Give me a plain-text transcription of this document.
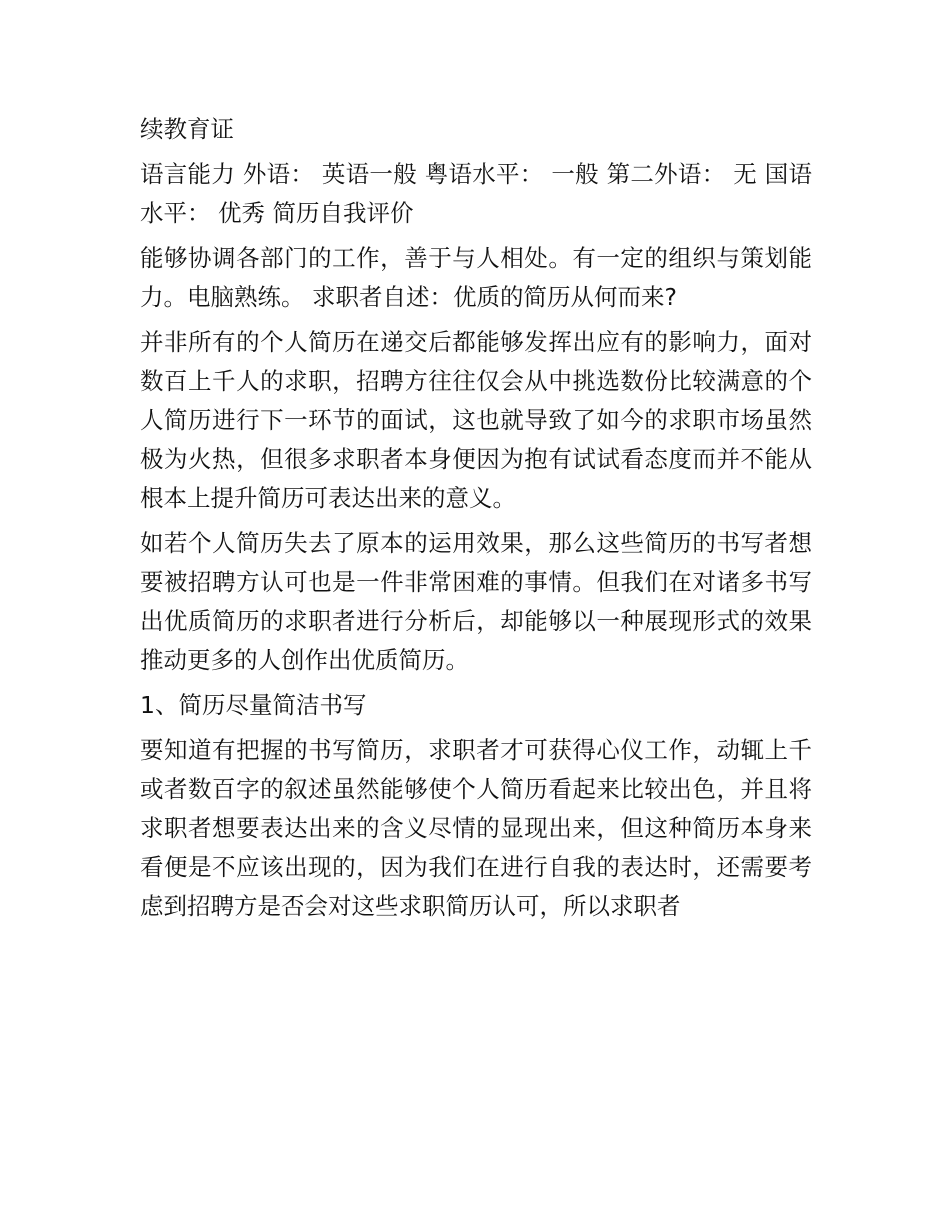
续教育证

语言能力 外语： 英语一般 粤语水平： 一般 第二外语： 无 国语水平： 优秀 简历自我评价

能够协调各部门的工作，善于与人相处。有一定的组织与策划能力。电脑熟练。 求职者自述：优质的简历从何而来?

并非所有的个人简历在递交后都能够发挥出应有的影响力，面对数百上千人的求职，招聘方往往仅会从中挑选数份比较满意的个人简历进行下一环节的面试，这也就导致了如今的求职市场虽然极为火热，但很多求职者本身便因为抱有试试看态度而并不能从根本上提升简历可表达出来的意义。

如若个人简历失去了原本的运用效果，那么这些简历的书写者想要被招聘方认可也是一件非常困难的事情。但我们在对诸多书写出优质简历的求职者进行分析后，却能够以一种展现形式的效果推动更多的人创作出优质简历。

1、简历尽量简洁书写

要知道有把握的书写简历，求职者才可获得心仪工作，动辄上千或者数百字的叙述虽然能够使个人简历看起来比较出色，并且将求职者想要表达出来的含义尽情的显现出来，但这种简历本身来看便是不应该出现的，因为我们在进行自我的表达时，还需要考虑到招聘方是否会对这些求职简历认可，所以求职者
